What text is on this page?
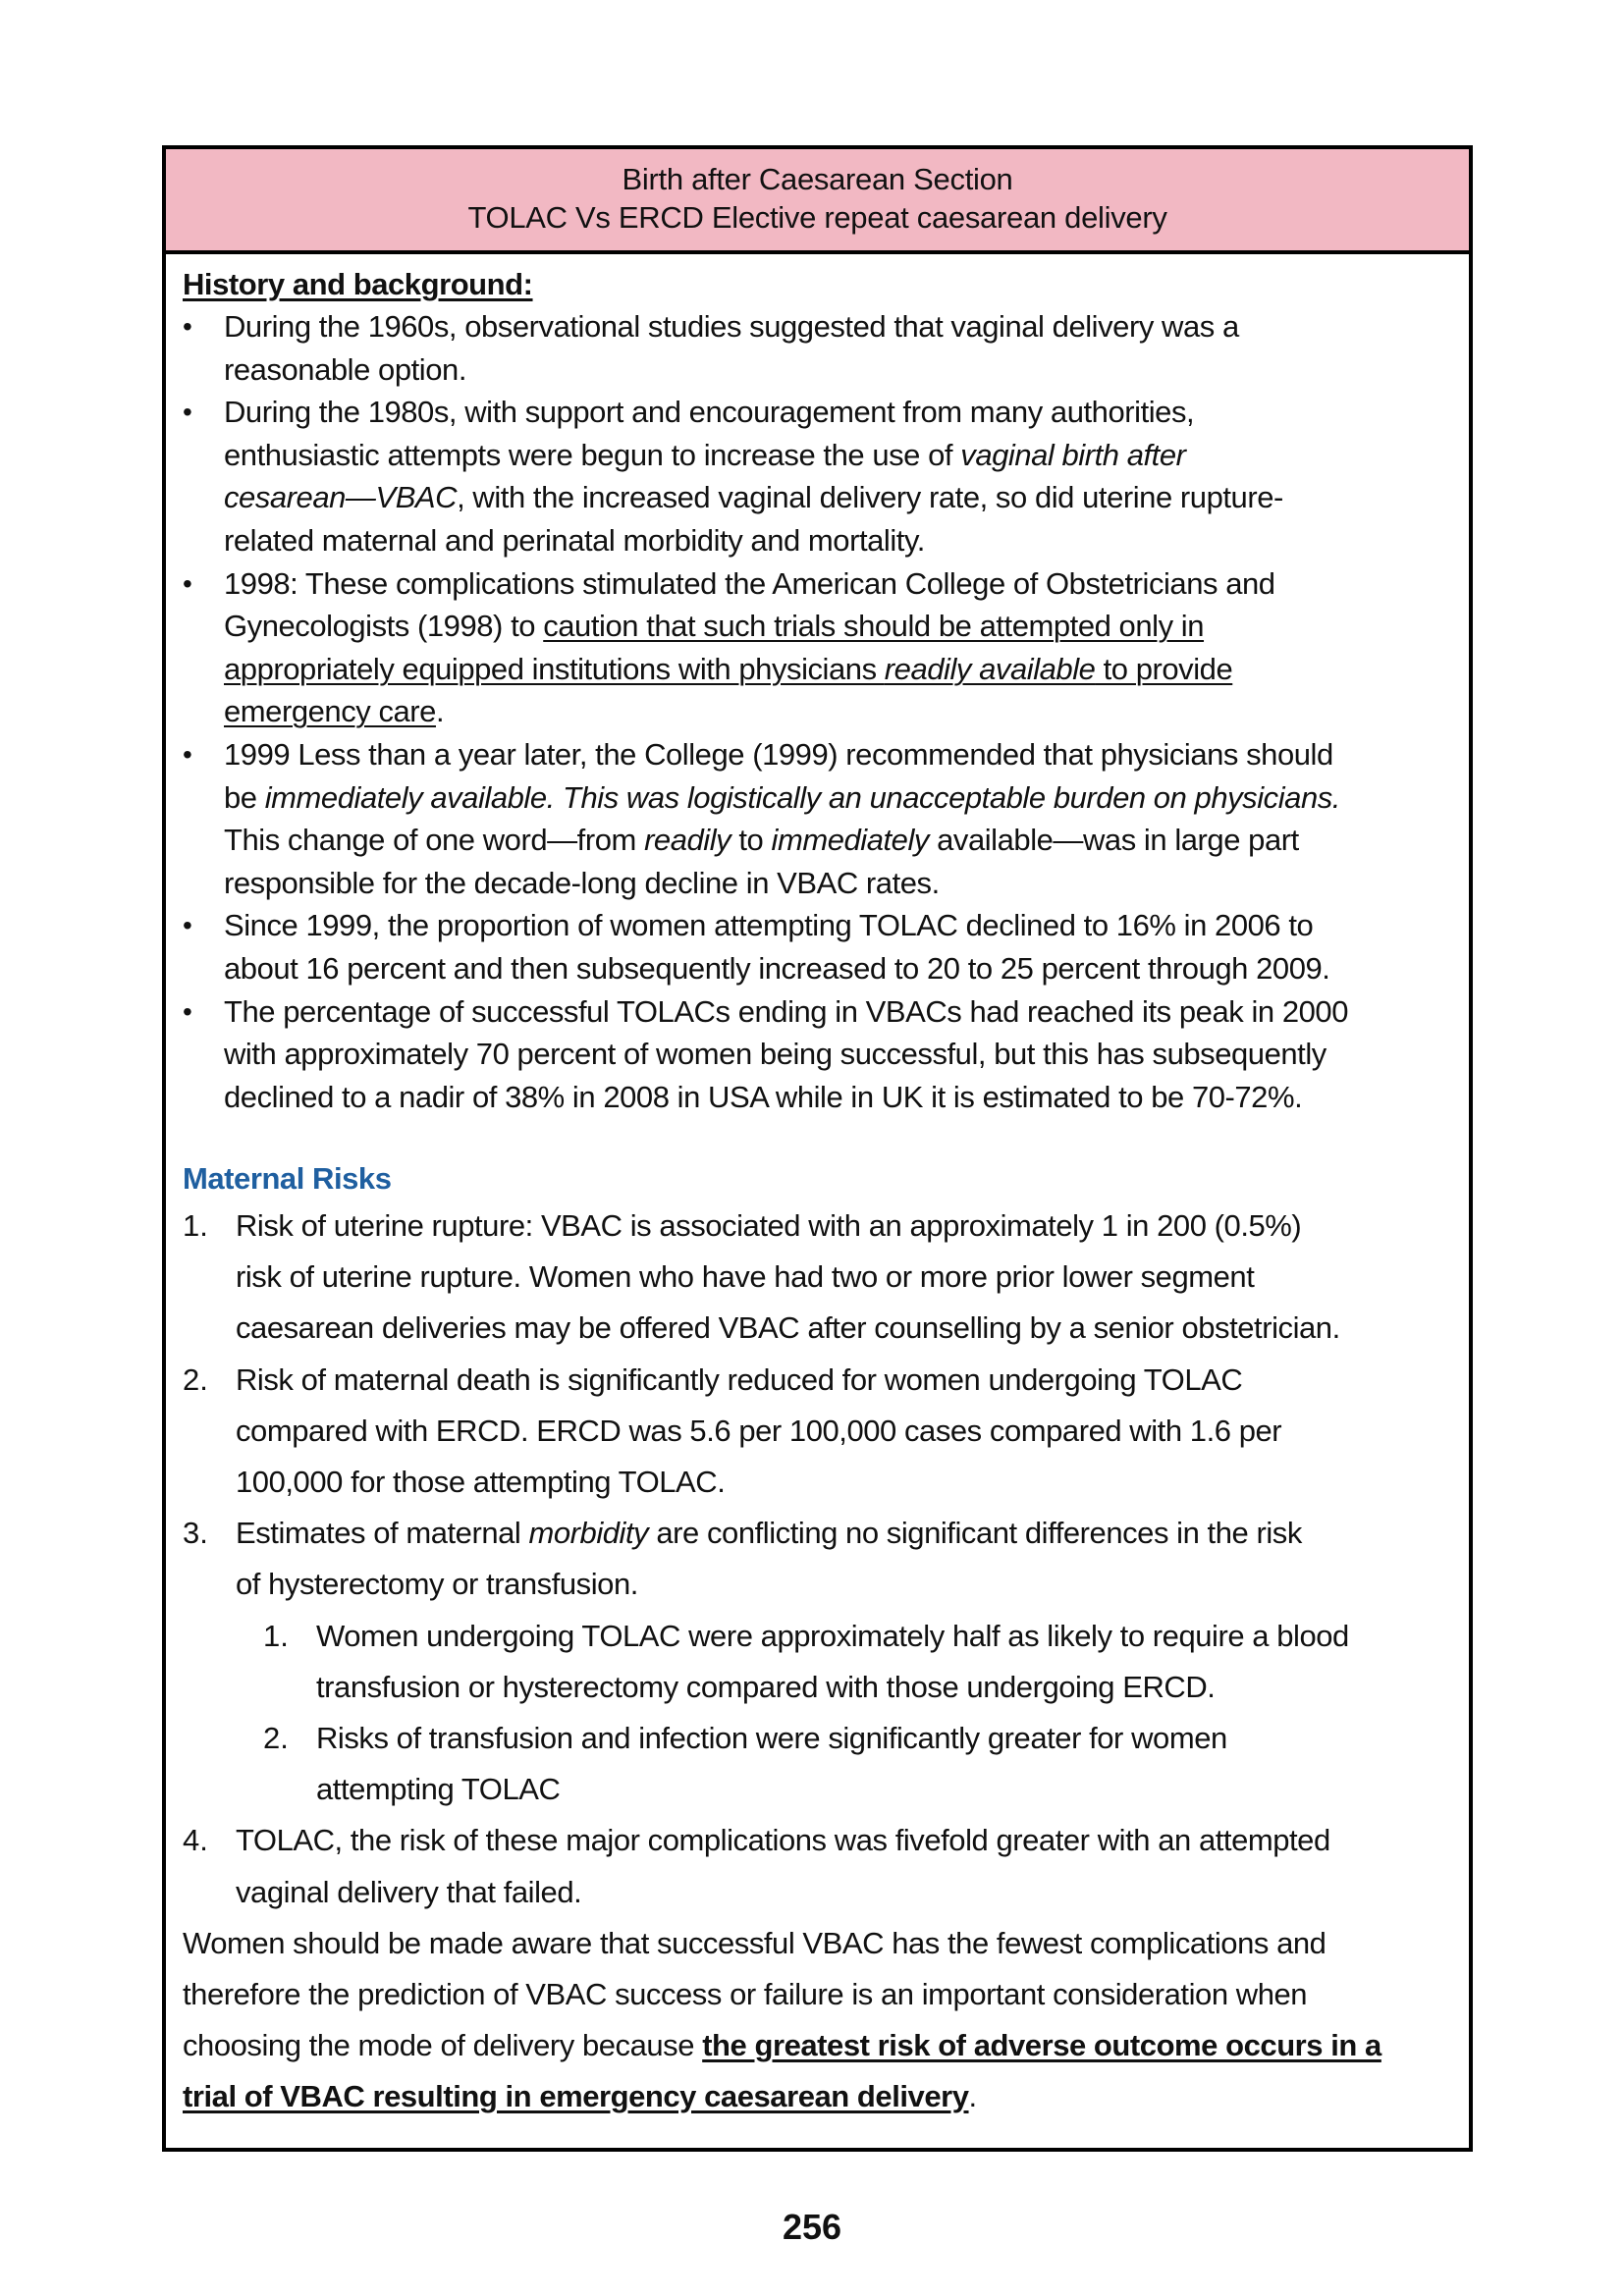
Birth after Caesarean Section
TOLAC Vs ERCD Elective repeat caesarean delivery
History and background:
Maternal Risks
256
• During the 1960s, observational studies suggested that vaginal delivery was a
reasonable option.
• During the 1980s, with support and encouragement from many authorities,
enthusiastic attempts were begun to increase the use of vaginal birth after
cesarean—VBAC, with the increased vaginal delivery rate, so did uterine rupture-
related maternal and perinatal morbidity and mortality.
• 1998: These complications stimulated the American College of Obstetricians and
Gynecologists (1998) to caution that such trials should be attempted only in
appropriately equipped institutions with physicians readily available to provide
emergency care.
• 1999 Less than a year later, the College (1999) recommended that physicians should
be immediately available. This was logistically an unacceptable burden on physicians.
This change of one word—from readily to immediately available—was in large part
responsible for the decade-long decline in VBAC rates.
• Since 1999, the proportion of women attempting TOLAC declined to 16% in 2006 to
about 16 percent and then subsequently increased to 20 to 25 percent through 2009.
• The percentage of successful TOLACs ending in VBACs had reached its peak in 2000
with approximately 70 percent of women being successful, but this has subsequently
declined to a nadir of 38% in 2008 in USA while in UK it is estimated to be 70-72%.
1. Risk of uterine rupture: VBAC is associated with an approximately 1 in 200 (0.5%)
risk of uterine rupture. Women who have had two or more prior lower segment
caesarean deliveries may be offered VBAC after counselling by a senior obstetrician.
2. Risk of maternal death is significantly reduced for women undergoing TOLAC
compared with ERCD. ERCD was 5.6 per 100,000 cases compared with 1.6 per
100,000 for those attempting TOLAC.
3. Estimates of maternal morbidity are conflicting no significant differences in the risk
of hysterectomy or transfusion.
1. Women undergoing TOLAC were approximately half as likely to require a blood
transfusion or hysterectomy compared with those undergoing ERCD.
2. Risks of transfusion and infection were significantly greater for women
attempting TOLAC
4. TOLAC, the risk of these major complications was fivefold greater with an attempted
vaginal delivery that failed.
Women should be made aware that successful VBAC has the fewest complications and
therefore the prediction of VBAC success or failure is an important consideration when
choosing the mode of delivery because the greatest risk of adverse outcome occurs in a
trial of VBAC resulting in emergency caesarean delivery.
